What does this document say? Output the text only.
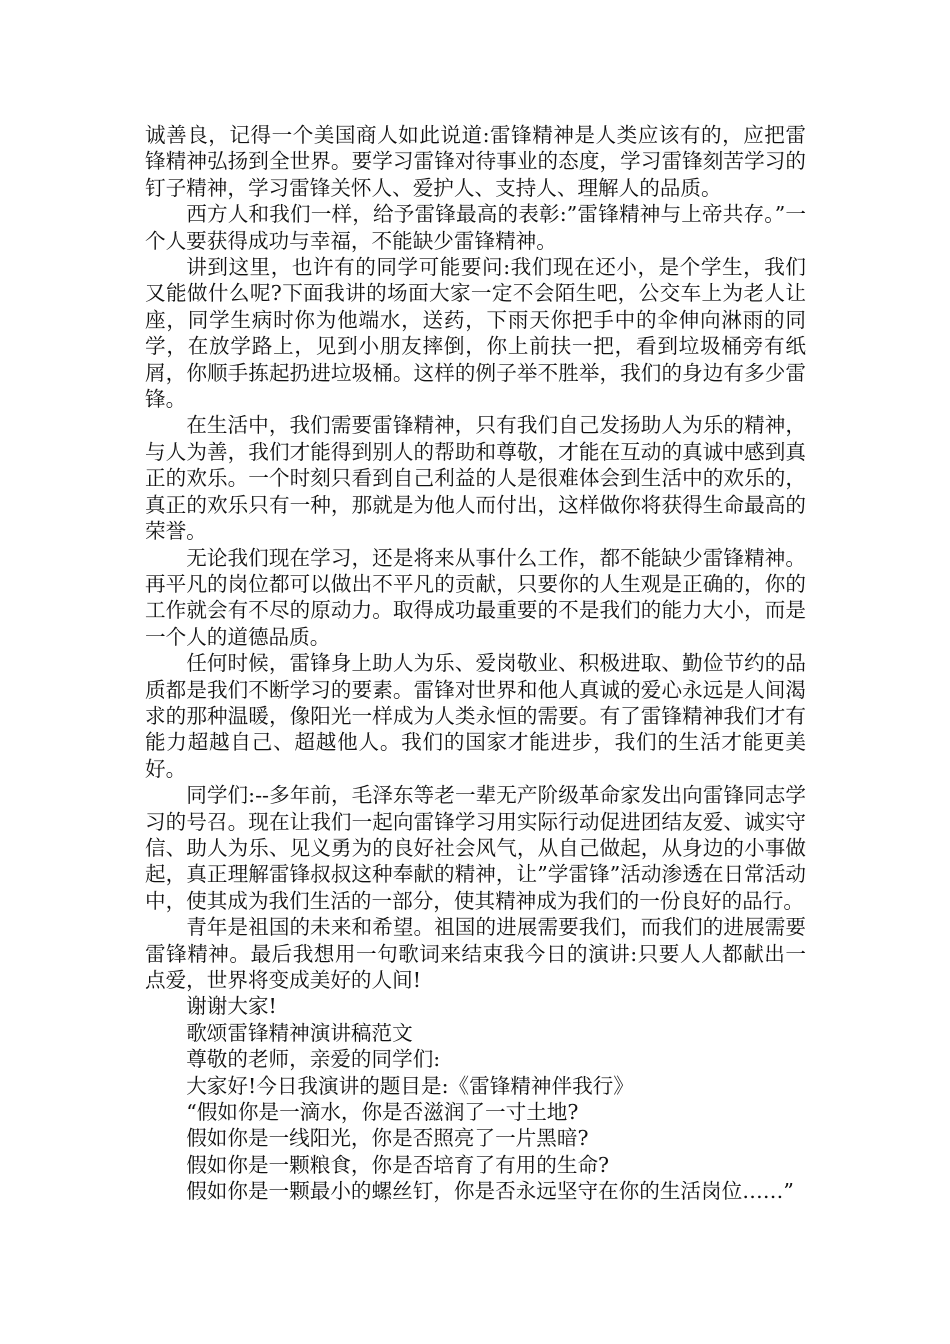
诚善良，记得一个美国商人如此说道:雷锋精神是人类应该有的，应把雷锋精神弘扬到全世界。要学习雷锋对待事业的态度，学习雷锋刻苦学习的钉子精神，学习雷锋关怀人、爱护人、支持人、理解人的品质。

西方人和我们一样，给予雷锋最高的表彰:”雷锋精神与上帝共存。”一个人要获得成功与幸福，不能缺少雷锋精神。

讲到这里，也许有的同学可能要问:我们现在还小，是个学生，我们又能做什么呢?下面我讲的场面大家一定不会陌生吧，公交车上为老人让座，同学生病时你为他端水，送药，下雨天你把手中的伞伸向淋雨的同学，在放学路上，见到小朋友摔倒，你上前扶一把，看到垃圾桶旁有纸屑，你顺手拣起扔进垃圾桶。这样的例子举不胜举，我们的身边有多少雷锋。

在生活中，我们需要雷锋精神，只有我们自己发扬助人为乐的精神，与人为善，我们才能得到别人的帮助和尊敬，才能在互动的真诚中感到真正的欢乐。一个时刻只看到自己利益的人是很难体会到生活中的欢乐的，真正的欢乐只有一种，那就是为他人而付出，这样做你将获得生命最高的荣誉。

无论我们现在学习，还是将来从事什么工作，都不能缺少雷锋精神。再平凡的岗位都可以做出不平凡的贡献，只要你的人生观是正确的，你的工作就会有不尽的原动力。取得成功最重要的不是我们的能力大小，而是一个人的道德品质。

任何时候，雷锋身上助人为乐、爱岗敬业、积极进取、勤俭节约的品质都是我们不断学习的要素。雷锋对世界和他人真诚的爱心永远是人间渴求的那种温暖，像阳光一样成为人类永恒的需要。有了雷锋精神我们才有能力超越自己、超越他人。我们的国家才能进步，我们的生活才能更美好。

同学们:--多年前，毛泽东等老一辈无产阶级革命家发出向雷锋同志学习的号召。现在让我们一起向雷锋学习用实际行动促进团结友爱、诚实守信、助人为乐、见义勇为的良好社会风气，从自己做起，从身边的小事做起，真正理解雷锋叔叔这种奉献的精神，让”学雷锋”活动渗透在日常活动中，使其成为我们生活的一部分，使其精神成为我们的一份良好的品行。

青年是祖国的未来和希望。祖国的进展需要我们，而我们的进展需要雷锋精神。最后我想用一句歌词来结束我今日的演讲:只要人人都献出一点爱，世界将变成美好的人间!

谢谢大家!

歌颂雷锋精神演讲稿范文

尊敬的老师，亲爱的同学们:

大家好!今日我演讲的题目是:《雷锋精神伴我行》

“假如你是一滴水，你是否滋润了一寸土地?

假如你是一线阳光，你是否照亮了一片黑暗?

假如你是一颗粮食，你是否培育了有用的生命?

假如你是一颗最小的螺丝钉，你是否永远坚守在你的生活岗位……”
